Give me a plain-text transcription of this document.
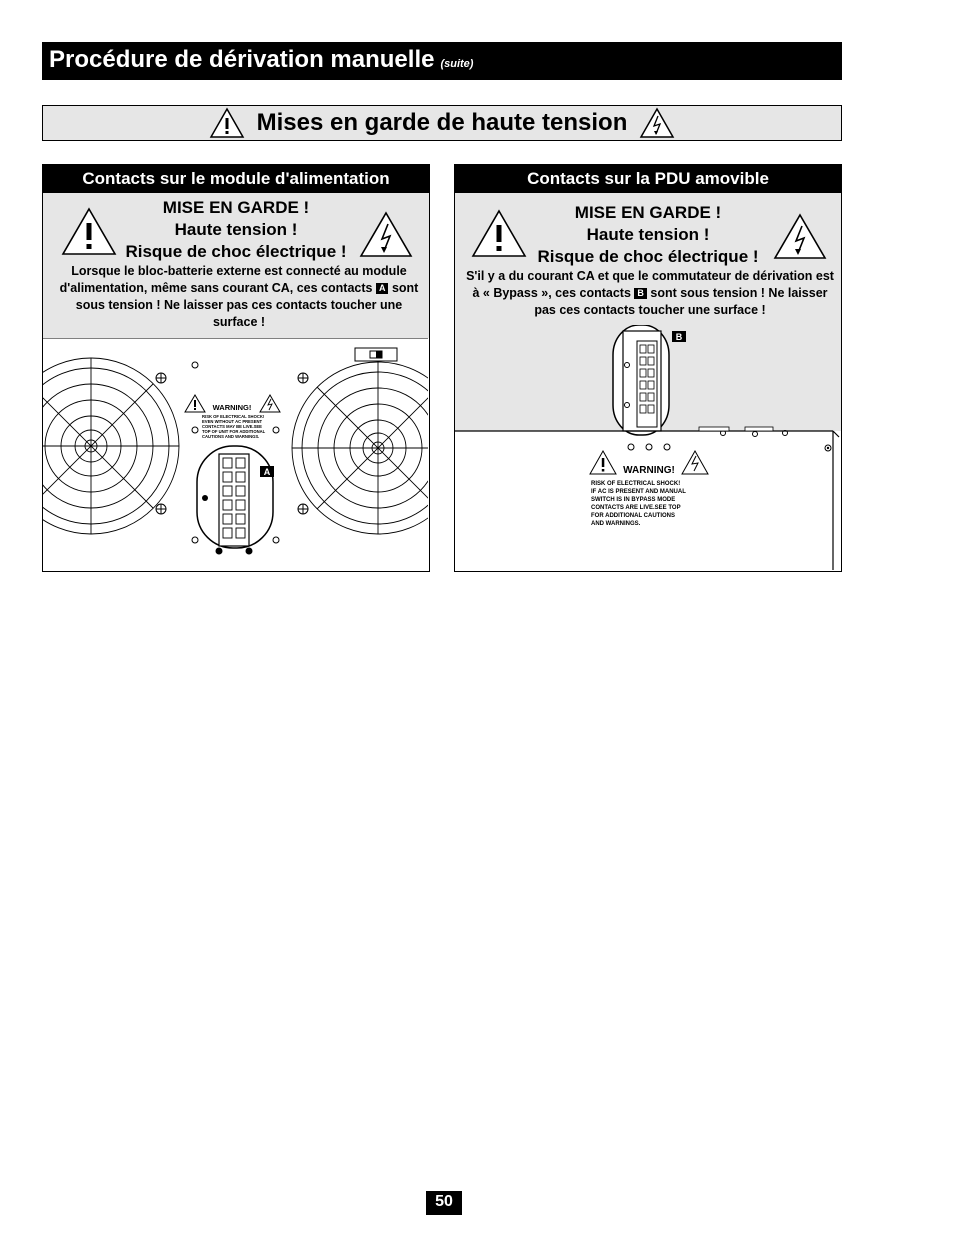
Procédure de dérivation manuelle (suite)
Mises en garde de haute tension
Contacts sur le module d'alimentation
MISE EN GARDE !
Haute tension !
Risque de choc électrique !
Lorsque le bloc-batterie externe est connecté au module d'alimentation, même sans courant CA, ces contacts A sont sous tension ! Ne laisser pas ces contacts toucher une surface !
A
WARNING!
RISK OF ELECTRICAL SHOCK!
EVEN WITHOUT AC PRESENT
CONTACTS MAY BE LIVE.SEE
TOP OF UNIT FOR ADDITIONAL
CAUTIONS AND WARNINGS.
Contacts sur la PDU amovible
MISE EN GARDE !
Haute tension !
Risque de choc électrique !
S'il y a du courant CA et que le commutateur de dérivation est à « Bypass », ces contacts B sont sous tension ! Ne laisser pas ces contacts toucher une surface !
B
WARNING!
RISK OF ELECTRICAL SHOCK!
IF AC IS PRESENT AND MANUAL
SWITCH IS IN BYPASS MODE
CONTACTS ARE LIVE.SEE TOP
FOR ADDITIONAL CAUTIONS
AND WARNINGS.
50
